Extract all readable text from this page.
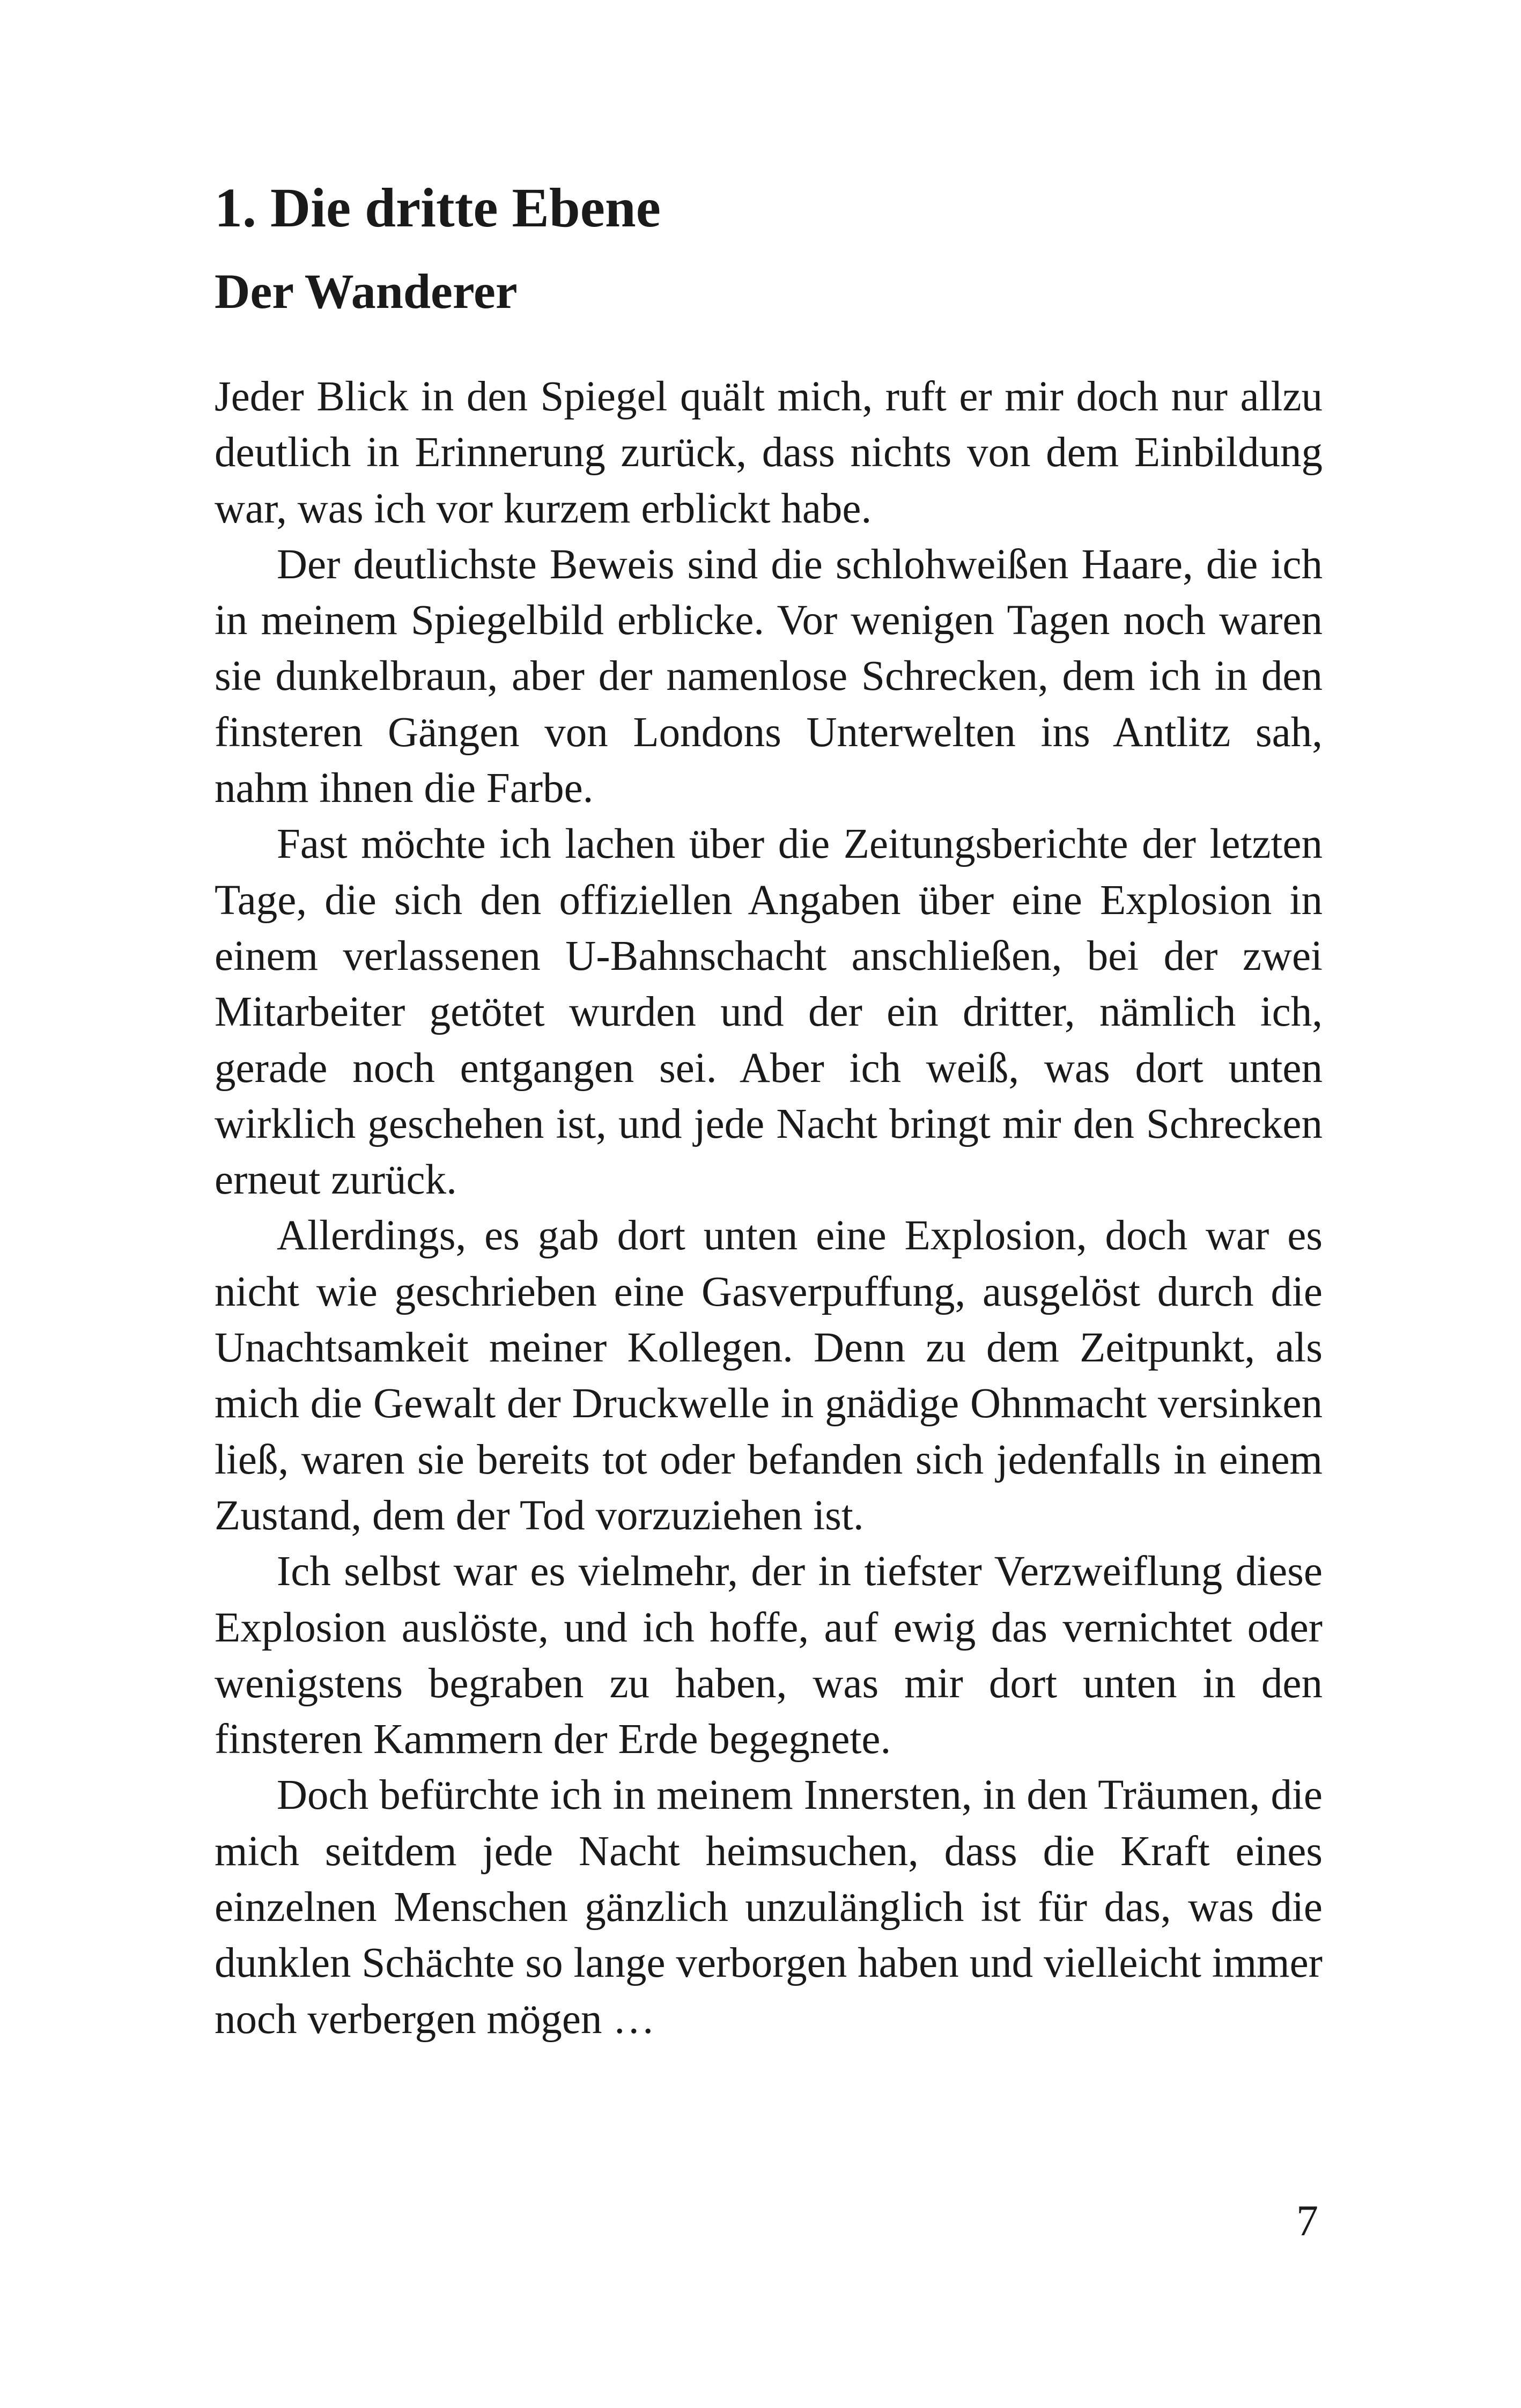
1. Die dritte Ebene
Der Wanderer

Jeder Blick in den Spiegel quält mich, ruft er mir doch nur allzu deutlich in Erinnerung zurück, dass nichts von dem Einbildung war, was ich vor kurzem erblickt habe.

Der deutlichste Beweis sind die schlohweißen Haare, die ich in meinem Spiegelbild erblicke. Vor wenigen Tagen noch waren sie dunkelbraun, aber der namenlose Schrecken, dem ich in den finsteren Gängen von Londons Unterwelten ins Antlitz sah, nahm ihnen die Farbe.

Fast möchte ich lachen über die Zeitungsberichte der letzten Tage, die sich den offiziellen Angaben über eine Explosion in einem verlassenen U-Bahnschacht anschließen, bei der zwei Mitarbeiter getötet wurden und der ein dritter, nämlich ich, gerade noch entgangen sei. Aber ich weiß, was dort unten wirklich geschehen ist, und jede Nacht bringt mir den Schrecken erneut zurück.

Allerdings, es gab dort unten eine Explosion, doch war es nicht wie geschrieben eine Gasverpuffung, ausgelöst durch die Unachtsamkeit meiner Kollegen. Denn zu dem Zeitpunkt, als mich die Gewalt der Druckwelle in gnädige Ohnmacht versinken ließ, waren sie bereits tot oder befanden sich jedenfalls in einem Zustand, dem der Tod vorzuziehen ist.

Ich selbst war es vielmehr, der in tiefster Verzweiflung diese Explosion auslöste, und ich hoffe, auf ewig das vernichtet oder wenigstens begraben zu haben, was mir dort unten in den finsteren Kammern der Erde begegnete.

Doch befürchte ich in meinem Innersten, in den Träumen, die mich seitdem jede Nacht heimsuchen, dass die Kraft eines einzelnen Menschen gänzlich unzulänglich ist für das, was die dunklen Schächte so lange verborgen haben und vielleicht immer noch verbergen mögen …

7
